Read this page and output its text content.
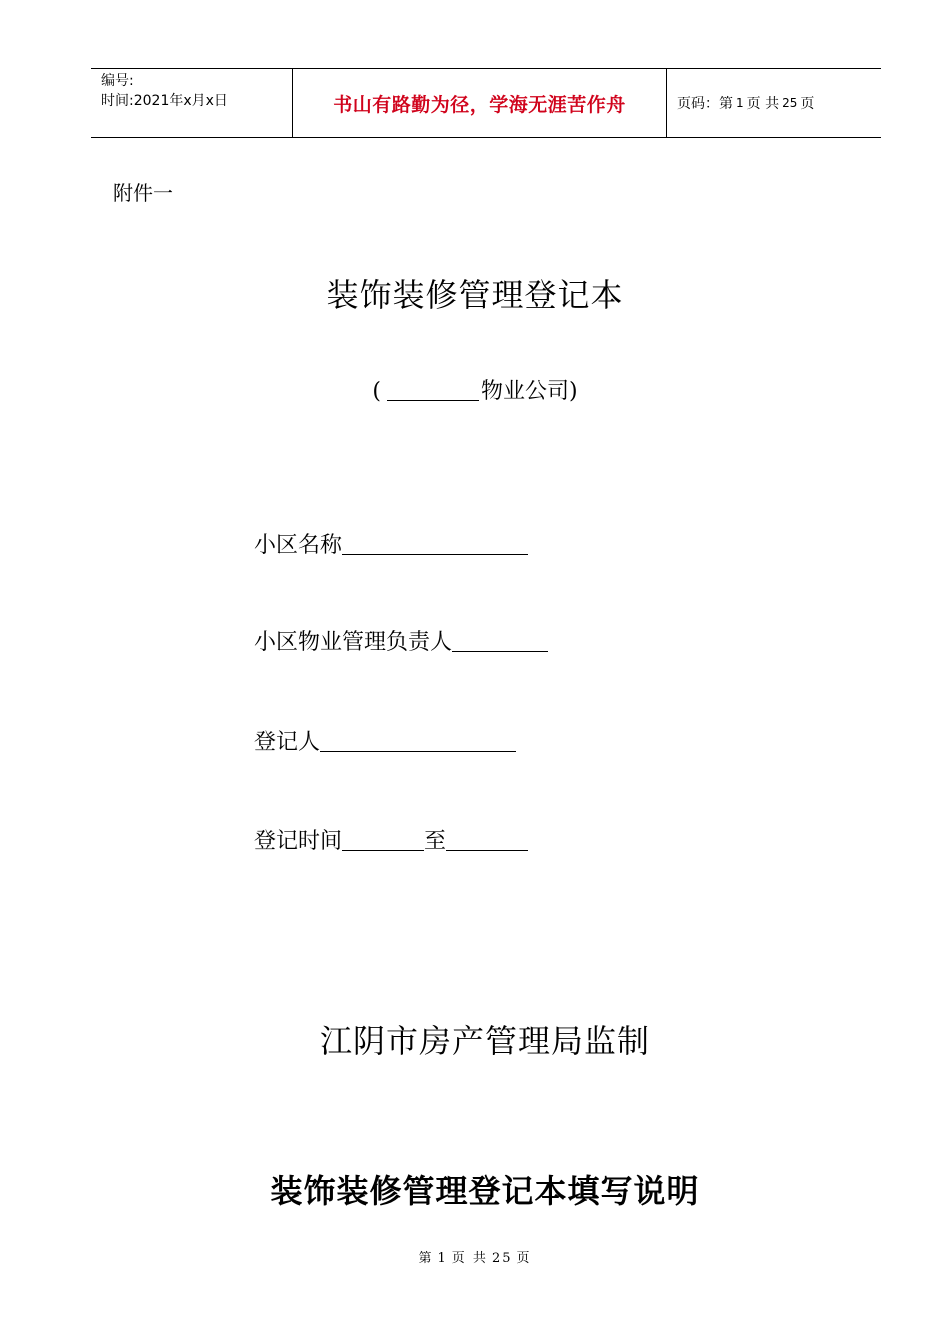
编号:
时间:2021年x月x日	书山有路勤为径，学海无涯苦作舟	页码：第 1 页 共 25 页
附件一
装饰装修管理登记本
(	物业公司)
小区名称
小区物业管理负责人
登记人
登记时间	至
江阴市房产管理局监制
装饰装修管理登记本填写说明
第 1 页 共 25 页
